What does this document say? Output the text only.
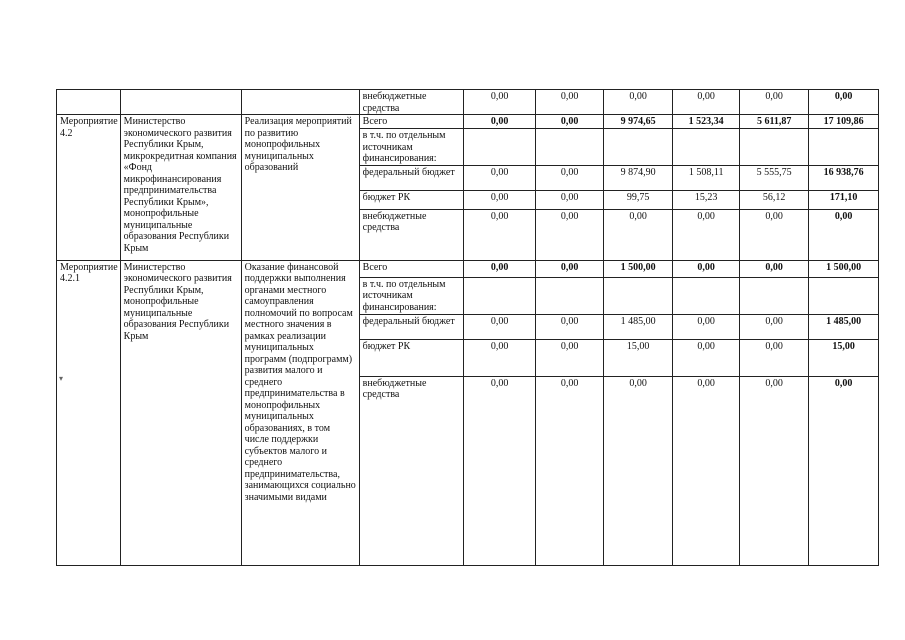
			внебюджетные средства	0,00	0,00	0,00	0,00	0,00	0,00
Мероприятие 4.2	Министерство экономического развития Республики Крым, микрокредитная компания «Фонд микрофинансирования предпринимательства Республики Крым», монопрофильные муниципальные образования Республики Крым	Реализация мероприятий по развитию монопрофильных муниципальных образований	Всего	0,00	0,00	9 974,65	1 523,34	5 611,87	17 109,86
			в т.ч. по отдельным источникам финансирования:						
			федеральный бюджет	0,00	0,00	9 874,90	1 508,11	5 555,75	16 938,76
			бюджет РК	0,00	0,00	99,75	15,23	56,12	171,10
			внебюджетные средства	0,00	0,00	0,00	0,00	0,00	0,00
Мероприятие 4.2.1	Министерство экономического развития Республики Крым, монопрофильные муниципальные образования Республики Крым	Оказание финансовой поддержки выполнения органами местного самоуправления полномочий по вопросам местного значения в рамках реализации муниципальных программ (подпрограмм) развития малого и среднего предпринимательства в монопрофильных муниципальных образованиях, в том числе поддержки субъектов малого и среднего предпринимательства, занимающихся социально значимыми видами	Всего	0,00	0,00	1 500,00	0,00	0,00	1 500,00
			в т.ч. по отдельным источникам финансирования:						
			федеральный бюджет	0,00	0,00	1 485,00	0,00	0,00	1 485,00
			бюджет РК	0,00	0,00	15,00	0,00	0,00	15,00
			внебюджетные средства	0,00	0,00	0,00	0,00	0,00	0,00
▾
